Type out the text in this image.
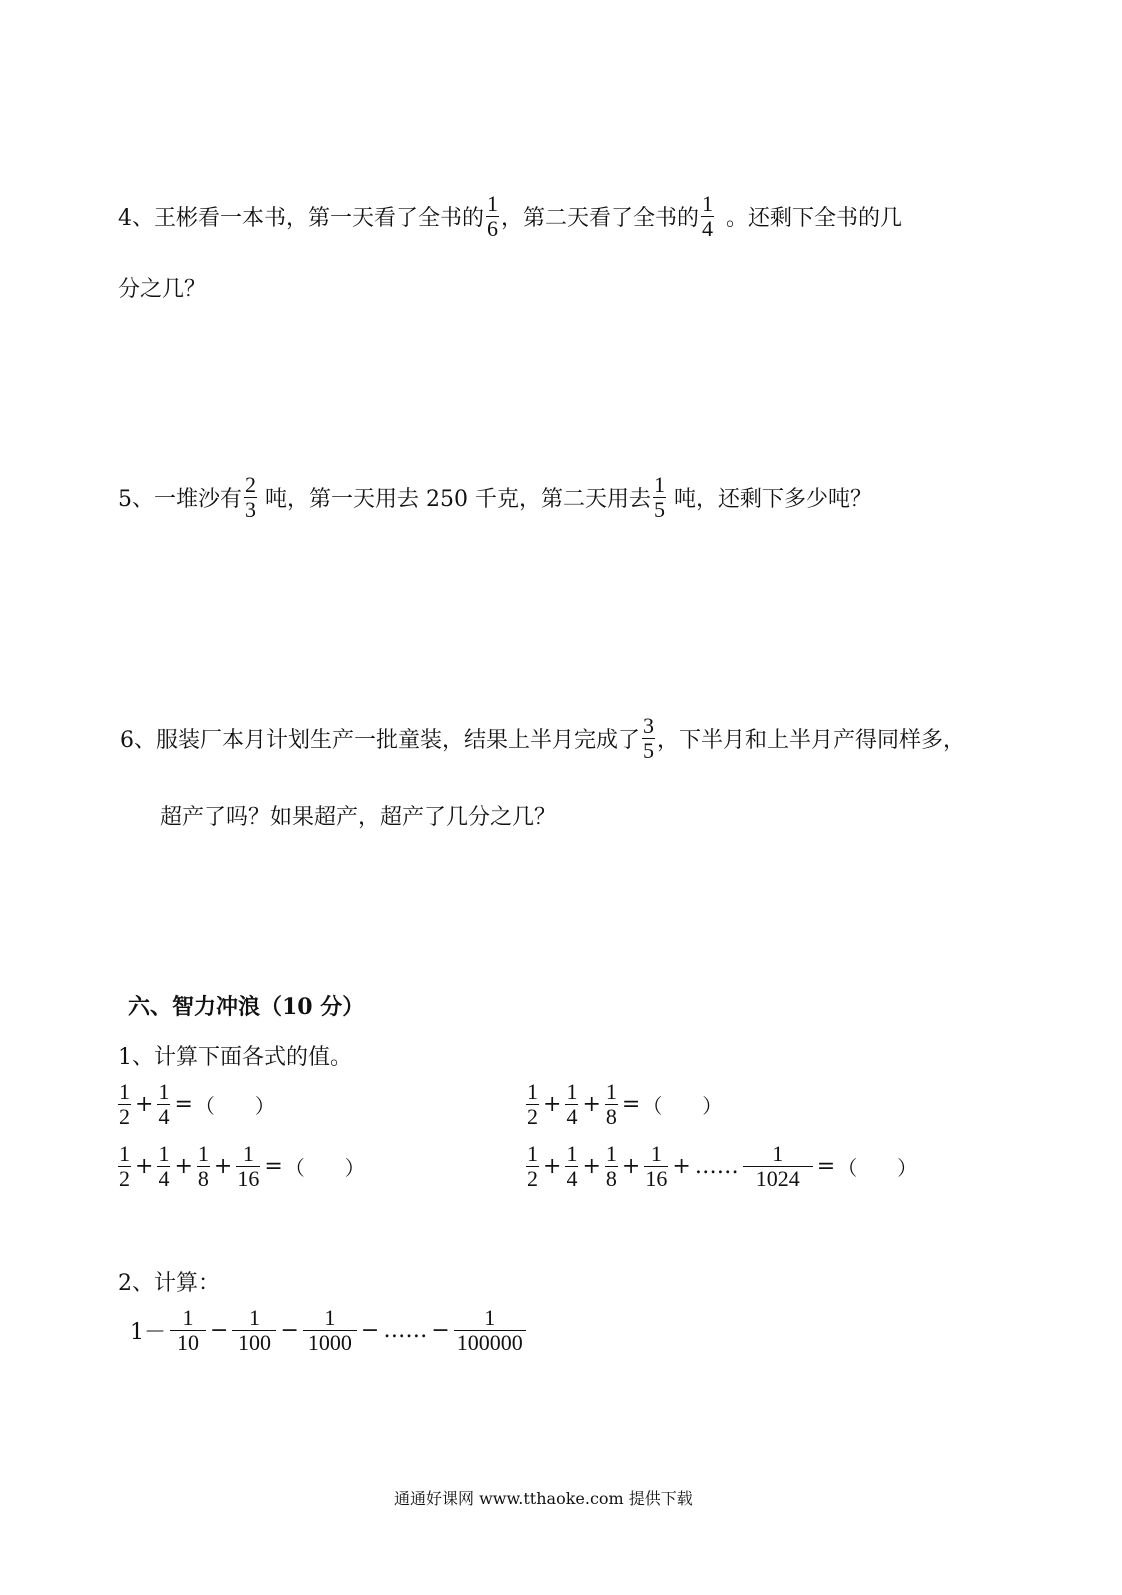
4、王彬看一本书，第一天看了全书的 $\frac{1}{6}$ ，第二天看了全书的 $\frac{1}{4}$ 。还剩下全书的几
分之几？
5、一堆沙有 $\frac{2}{3}$ 吨，第一天用去 250 千克，第二天用去 $\frac{1}{5}$ 吨，还剩下多少吨？
6、服装厂本月计划生产一批童装，结果上半月完成了 $\frac{3}{5}$ ，下半月和上半月产得同样多，
超产了吗？如果超产，超产了几分之几？
六、智力冲浪（10 分）
1、计算下面各式的值。
$\frac{1}{2} + \frac{1}{4}$ = （　　）	$\frac{1}{2} + \frac{1}{4} + \frac{1}{8}$ = （　　）
$\frac{1}{2} + \frac{1}{4} + \frac{1}{8} + \frac{1}{16}$ = （　　）	$\frac{1}{2} + \frac{1}{4} + \frac{1}{8} + \frac{1}{16}$ + …… $\frac{1}{1024}$ = （　　）
2、计算：
$1- \frac{1}{10} - \frac{1}{100} - \frac{1}{1000}$ − …… − $\frac{1}{100000}$
通通好课网 www.tthaoke.com 提供下载
